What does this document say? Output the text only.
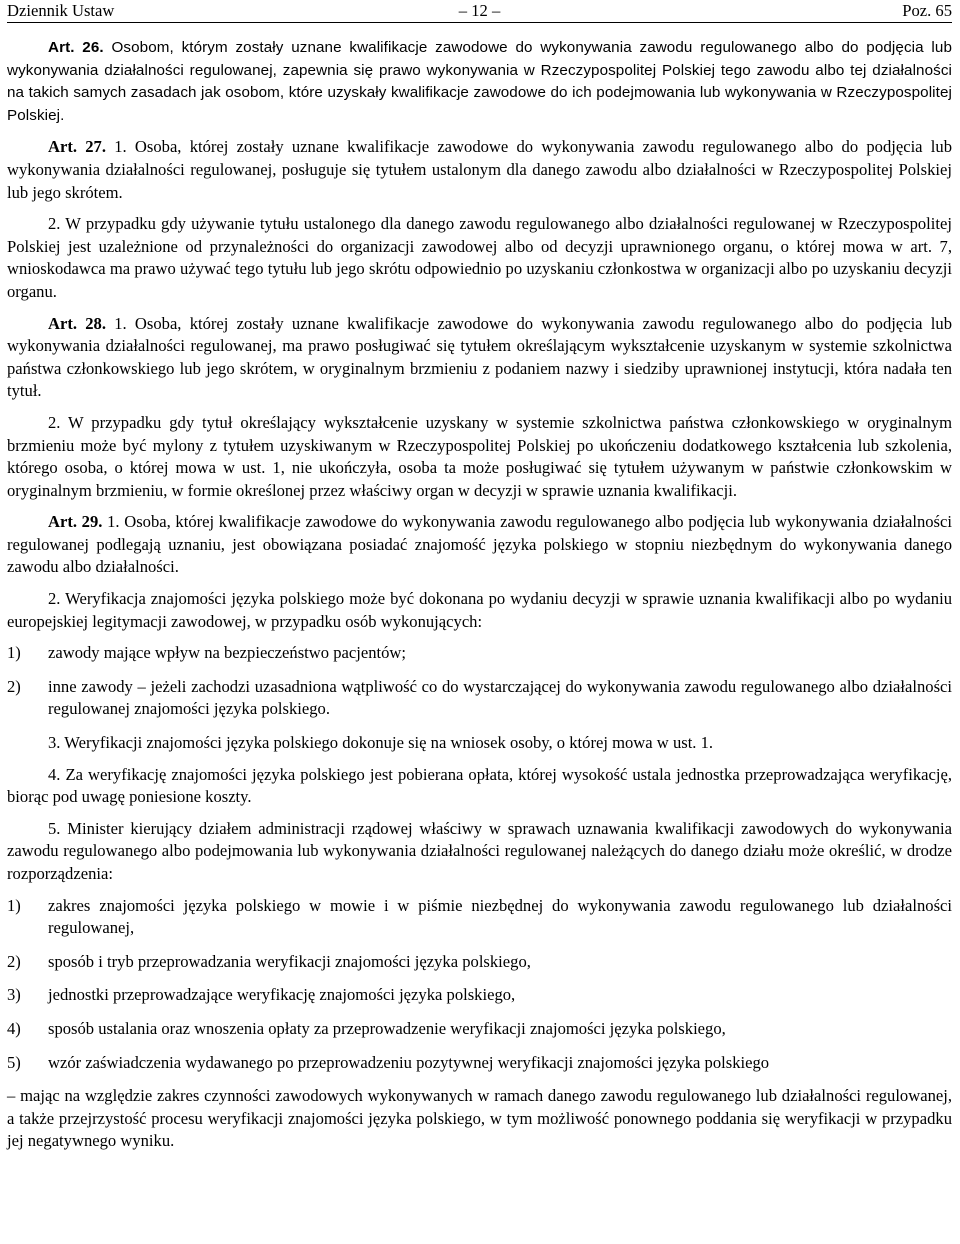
Dziennik Ustaw	– 12 –	Poz. 65

Art. 26. Osobom, którym zostały uznane kwalifikacje zawodowe do wykonywania zawodu regulowanego albo do podjęcia lub wykonywania działalności regulowanej, zapewnia się prawo wykonywania w Rzeczypospolitej Polskiej tego zawodu albo tej działalności na takich samych zasadach jak osobom, które uzyskały kwalifikacje zawodowe do ich podejmowania lub wykonywania w Rzeczypospolitej Polskiej.

Art. 27. 1. Osoba, której zostały uznane kwalifikacje zawodowe do wykonywania zawodu regulowanego albo do podjęcia lub wykonywania działalności regulowanej, posługuje się tytułem ustalonym dla danego zawodu albo działalności w Rzeczypospolitej Polskiej lub jego skrótem.

2. W przypadku gdy używanie tytułu ustalonego dla danego zawodu regulowanego albo działalności regulowanej w Rzeczypospolitej Polskiej jest uzależnione od przynależności do organizacji zawodowej albo od decyzji uprawnionego organu, o której mowa w art. 7, wnioskodawca ma prawo używać tego tytułu lub jego skrótu odpowiednio po uzyskaniu członkostwa w organizacji albo po uzyskaniu decyzji organu.

Art. 28. 1. Osoba, której zostały uznane kwalifikacje zawodowe do wykonywania zawodu regulowanego albo do podjęcia lub wykonywania działalności regulowanej, ma prawo posługiwać się tytułem określającym wykształcenie uzyskanym w systemie szkolnictwa państwa członkowskiego lub jego skrótem, w oryginalnym brzmieniu z podaniem nazwy i siedziby uprawnionej instytucji, która nadała ten tytuł.

2. W przypadku gdy tytuł określający wykształcenie uzyskany w systemie szkolnictwa państwa członkowskiego w oryginalnym brzmieniu może być mylony z tytułem uzyskiwanym w Rzeczypospolitej Polskiej po ukończeniu dodatkowego kształcenia lub szkolenia, którego osoba, o której mowa w ust. 1, nie ukończyła, osoba ta może posługiwać się tytułem używanym w państwie członkowskim w oryginalnym brzmieniu, w formie określonej przez właściwy organ w decyzji w sprawie uznania kwalifikacji.

Art. 29. 1. Osoba, której kwalifikacje zawodowe do wykonywania zawodu regulowanego albo podjęcia lub wykonywania działalności regulowanej podlegają uznaniu, jest obowiązana posiadać znajomość języka polskiego w stopniu niezbędnym do wykonywania danego zawodu albo działalności.

2. Weryfikacja znajomości języka polskiego może być dokonana po wydaniu decyzji w sprawie uznania kwalifikacji albo po wydaniu europejskiej legitymacji zawodowej, w przypadku osób wykonujących:

1) zawody mające wpływ na bezpieczeństwo pacjentów;
2) inne zawody – jeżeli zachodzi uzasadniona wątpliwość co do wystarczającej do wykonywania zawodu regulowanego albo działalności regulowanej znajomości języka polskiego.

3. Weryfikacji znajomości języka polskiego dokonuje się na wniosek osoby, o której mowa w ust. 1.

4. Za weryfikację znajomości języka polskiego jest pobierana opłata, której wysokość ustala jednostka przeprowadzająca weryfikację, biorąc pod uwagę poniesione koszty.

5. Minister kierujący działem administracji rządowej właściwy w sprawach uznawania kwalifikacji zawodowych do wykonywania zawodu regulowanego albo podejmowania lub wykonywania działalności regulowanej należących do danego działu może określić, w drodze rozporządzenia:

1) zakres znajomości języka polskiego w mowie i w piśmie niezbędnej do wykonywania zawodu regulowanego lub działalności regulowanej,
2) sposób i tryb przeprowadzania weryfikacji znajomości języka polskiego,
3) jednostki przeprowadzające weryfikację znajomości języka polskiego,
4) sposób ustalania oraz wnoszenia opłaty za przeprowadzenie weryfikacji znajomości języka polskiego,
5) wzór zaświadczenia wydawanego po przeprowadzeniu pozytywnej weryfikacji znajomości języka polskiego

– mając na względzie zakres czynności zawodowych wykonywanych w ramach danego zawodu regulowanego lub działalności regulowanej, a także przejrzystość procesu weryfikacji znajomości języka polskiego, w tym możliwość ponownego poddania się weryfikacji w przypadku jej negatywnego wyniku.
